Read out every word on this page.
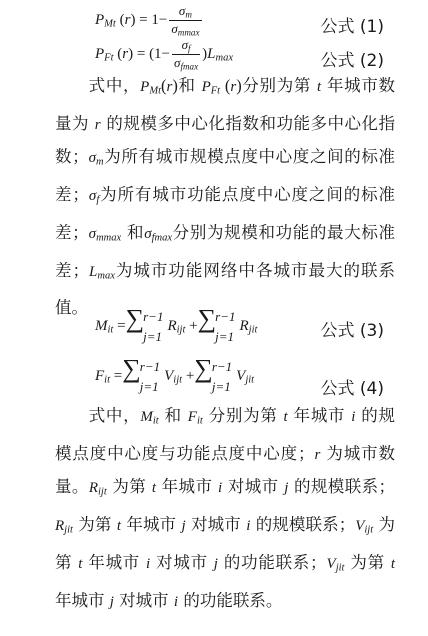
$P_{Mt}$ $(r) = 1- \frac{\sigma_m}{\sigma_{mmax}}$	公式 (1)
$P_{Ft}$ $(r) = (1- \frac{\sigma_f}{\sigma_{fmax}} )L_{max}$	公式 (2)
式中，$P_{Mt}(r)$和 $P_{Ft}$ (r)分别为第 t 年城市数量为 r 的规模多中心化指数和功能多中心化指数；$\sigma_m$为所有城市规模点度中心度之间的标准差；$\sigma_f$为所有城市功能点度中心度之间的标准差；$\sigma_{mmax}$ 和$\sigma_{fmax}$分别为规模和功能的最大标准差；$L_{max}$为城市功能网络中各城市最大的联系值。
$M_{it}$ = ∑ r−1
j=1
$R_{ijt}$ + ∑ r−1
j=1
$R_{jit}$	公式 (3)
$F_{it}$ = ∑ r−1
j=1
$V_{ijt}$ + ∑ r−1
j=1
$V_{jit}$	公式 (4)
式中，$M_{it}$ 和 $F_{it}$ 分别为第 t 年城市 i 的规模点度中心度与功能点度中心度；r 为城市数量。$R_{ijt}$ 为第 t 年城市 i 对城市 j 的规模联系；$R_{jit}$ 为第 t 年城市 j 对城市 i 的规模联系；$V_{ijt}$ 为第 t 年城市 i 对城市 j 的功能联系；$V_{jit}$ 为第 t 年城市 j 对城市 i 的功能联系。
